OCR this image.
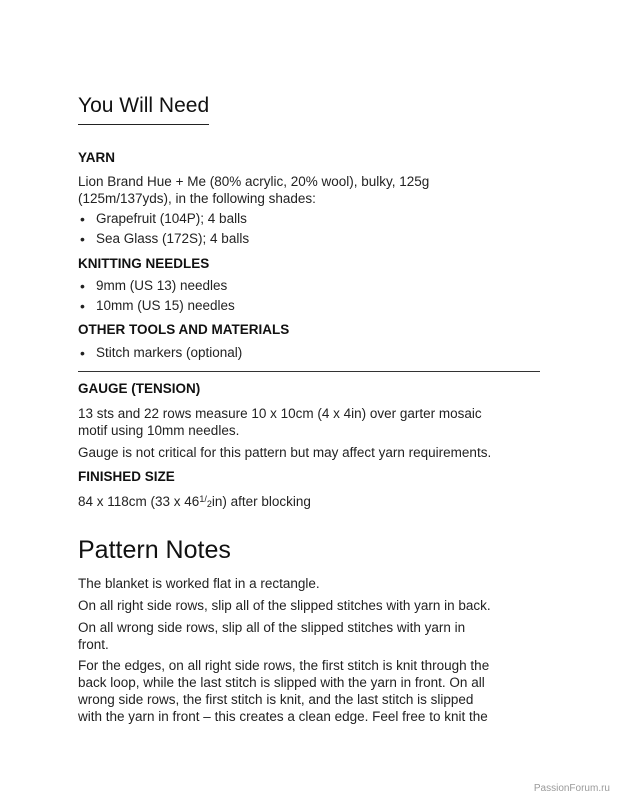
You Will Need
YARN

Lion Brand Hue + Me (80% acrylic, 20% wool), bulky, 125g

(125m/137yds), in the following shades:

• Grapefruit (104P); 4 balls
• Sea Glass (172S); 4 balls
KNITTING NEEDLES
• 9mm (US 13) needles
• 10mm (US 15) needles
OTHER TOOLS AND MATERIALS
• Stitch markers (optional)
GAUGE (TENSION)

13 sts and 22 rows measure 10 x 10cm (4 x 4in) over garter mosaic

motif using 10mm needles.

Gauge is not critical for this pattern but may affect yarn requirements.

FINISHED SIZE

84 x 118cm (33 x $46^{1/}2in$) after blocking

Pattern Notes

The blanket is worked flat in a rectangle.

On all right side rows, slip all of the slipped stitches with yarn in back.

On all wrong side rows, slip all of the slipped stitches with yarn in

front.

For the edges, on all right side rows, the first stitch is knit through the

back loop, while the last stitch is slipped with the yarn in front. On all

wrong side rows, the first stitch is knit, and the last stitch is slipped

with the yarn in front – this creates a clean edge. Feel free to knit the

PassionForum.ru
